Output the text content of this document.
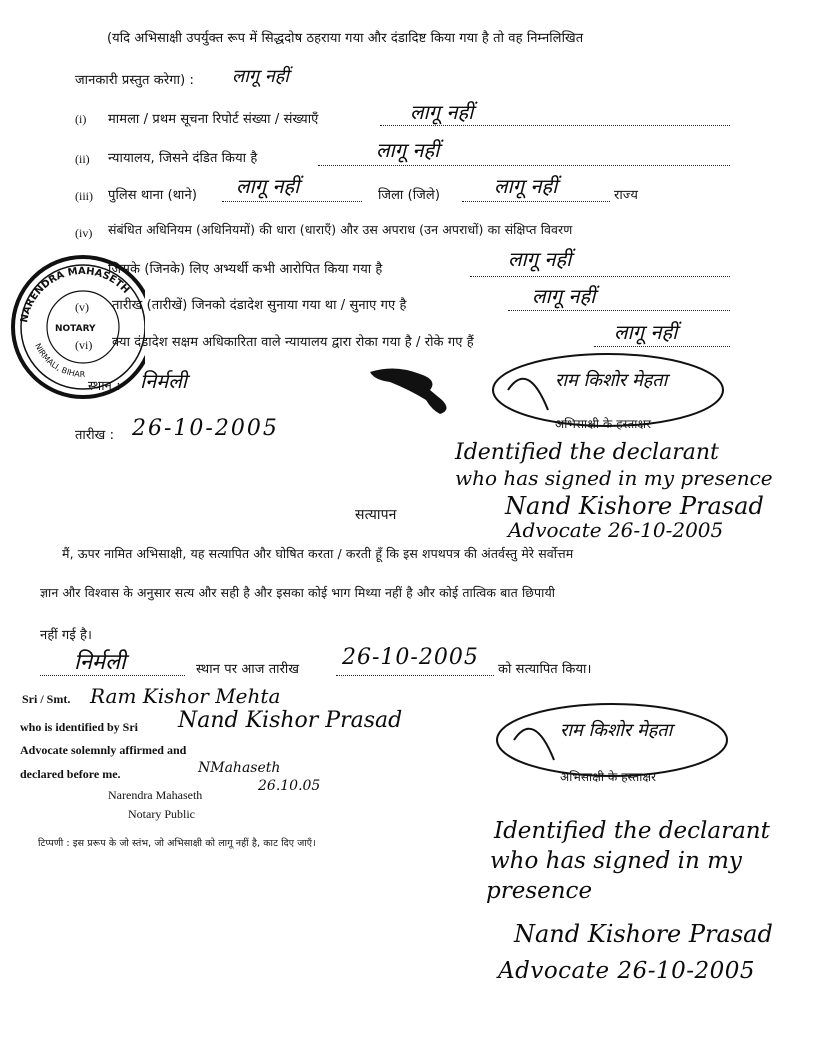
(यदि अभिसाक्षी उपर्युक्त रूप में सिद्धदोष ठहराया गया और दंडादिष्ट किया गया है तो वह निम्नलिखित
जानकारी प्रस्तुत करेगा) : लागू नहीं
(i) मामला / प्रथम सूचना रिपोर्ट संख्या / संख्याएँ	लागू नहीं
(ii) न्यायालय, जिसने दंडित किया है	लागू नहीं
(iii) पुलिस थाना (थाने) लागू नहीं	जिला (जिले)	लागू नहीं	राज्य
(iv) संबंधित अधिनियम (अधिनियमों) की धारा (धाराएँ) और उस अपराध (उन अपराधों) का संक्षिप्त विवरण
जिसके (जिनके) लिए अभ्यर्थी कभी आरोपित किया गया है	लागू नहीं
(v) तारीख (तारीखें) जिनको दंडादेश सुनाया गया था / सुनाए गए है	लागू नहीं
(vi) क्या दंडादेश सक्षम अधिकारिता वाले न्यायालय द्वारा रोका गया है / रोके गए हैं	लागू नहीं
स्थान : निर्मली
तारीख : 26-10-2005
NARENDRA MAHASETH
NOTARY
NIRMALI, BIHAR	राम किशोर मेहता
अभिसाक्षी के हस्ताक्षर
Identified the declarant
who has signed in my presence
Nand Kishore Prasad
Advocate 26-10-2005
सत्यापन
मैं, ऊपर नामित अभिसाक्षी, यह सत्यापित और घोषित करता / करती हूँ कि इस शपथपत्र की अंतर्वस्तु मेरे सर्वोत्तम
ज्ञान और विश्वास के अनुसार सत्य और सही है और इसका कोई भाग मिथ्या नहीं है और कोई तात्विक बात छिपायी
नहीं गई है।
निर्मली	स्थान पर आज तारीख 26-10-2005 को सत्यापित किया।
Sri / Smt. Ram Kishor Mehta
who is identified by Sri Nand Kishor Prasad
Advocate solemnly affirmed and
declared before me.	NMahaseth
26.10.05
Narendra Mahaseth
Notary Public
टिप्पणी : इस प्ररूप के जो स्तंभ, जो अभिसाक्षी को लागू नहीं है, काट दिए जाएँ।
राम किशोर मेहता
अभिसाक्षी के हस्ताक्षर
Identified the declarant
who has signed in my
presence
Nand Kishore Prasad
Advocate 26-10-2005
